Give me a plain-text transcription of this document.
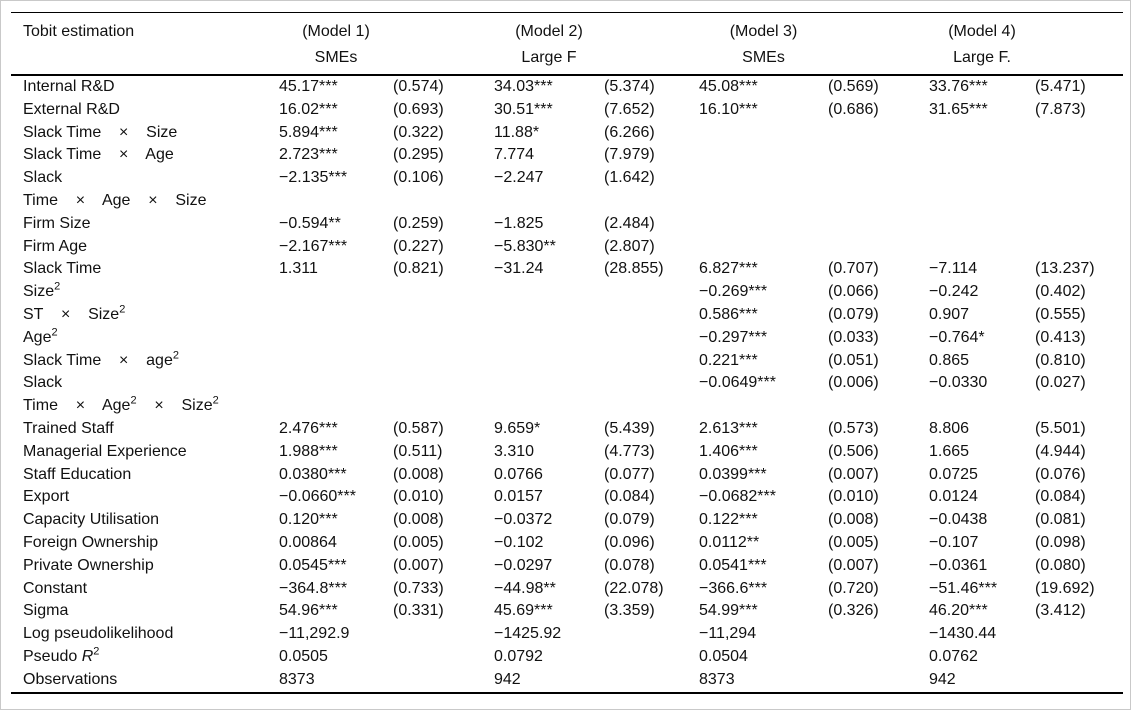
Tobit estimation	(Model 1)		(Model 2)		(Model 3)		(Model 4)	
	SMEs		Large F		SMEs		Large F.	
Internal R&D	45.17***	(0.574)	34.03***	(5.374)	45.08***	(0.569)	33.76***	(5.471)
External R&D	16.02***	(0.693)	30.51***	(7.652)	16.10***	(0.686)	31.65***	(7.873)
Slack Time    ×    Size	5.894***	(0.322)	11.88*	(6.266)				
Slack Time    ×    Age	2.723***	(0.295)	7.774	(7.979)				
Slack	−2.135***	(0.106)	−2.247	(1.642)				
Time    ×    Age    ×    Size								
Firm Size	−0.594**	(0.259)	−1.825	(2.484)				
Firm Age	−2.167***	(0.227)	−5.830**	(2.807)				
Slack Time	1.311	(0.821)	−31.24	(28.855)	6.827***	(0.707)	−7.114	(13.237)
Size$^2$					−0.269***	(0.066)	−0.242	(0.402)
ST    ×    Size$^2$					0.586***	(0.079)	0.907	(0.555)
Age$^2$					−0.297***	(0.033)	−0.764*	(0.413)
Slack Time    ×    age$^2$					0.221***	(0.051)	0.865	(0.810)
Slack					−0.0649***	(0.006)	−0.0330	(0.027)
Time    ×    Age$^2$    ×    Size$^2$								
Trained Staff	2.476***	(0.587)	9.659*	(5.439)	2.613***	(0.573)	8.806	(5.501)
Managerial Experience	1.988***	(0.511)	3.310	(4.773)	1.406***	(0.506)	1.665	(4.944)
Staff Education	0.0380***	(0.008)	0.0766	(0.077)	0.0399***	(0.007)	0.0725	(0.076)
Export	−0.0660***	(0.010)	0.0157	(0.084)	−0.0682***	(0.010)	0.0124	(0.084)
Capacity Utilisation	0.120***	(0.008)	−0.0372	(0.079)	0.122***	(0.008)	−0.0438	(0.081)
Foreign Ownership	0.00864	(0.005)	−0.102	(0.096)	0.0112**	(0.005)	−0.107	(0.098)
Private Ownership	0.0545***	(0.007)	−0.0297	(0.078)	0.0541***	(0.007)	−0.0361	(0.080)
Constant	−364.8***	(0.733)	−44.98**	(22.078)	−366.6***	(0.720)	−51.46***	(19.692)
Sigma	54.96***	(0.331)	45.69***	(3.359)	54.99***	(0.326)	46.20***	(3.412)
Log pseudolikelihood	−11,292.9		−1425.92		−11,294		−1430.44	
Pseudo $R^2$	0.0505		0.0792		0.0504		0.0762	
Observations	8373		942		8373		942	
